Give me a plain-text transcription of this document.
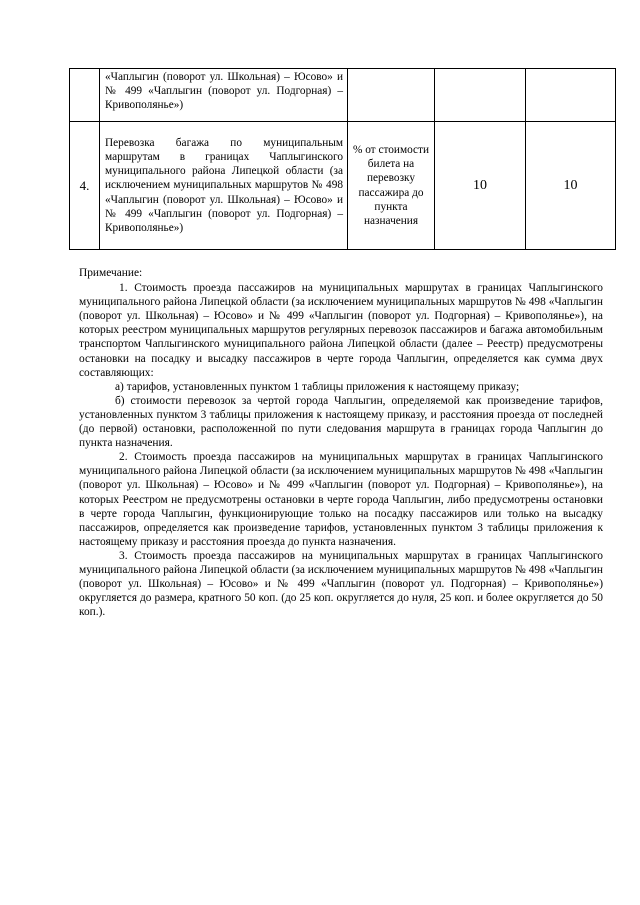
	«Чаплыгин (поворот ул. Школьная) – Юсово» и № 499 «Чаплыгин (поворот ул. Подгорная) – Кривополянье»)			
4.	Перевозка багажа по муниципальным маршрутам в границах Чаплыгинского муниципального района Липецкой области (за исключением муниципальных маршрутов № 498 «Чаплыгин (поворот ул. Школьная) – Юсово» и № 499 «Чаплыгин (поворот ул. Подгорная) – Кривополянье»)	% от стоимости билета на перевозку пассажира до пункта назначения	10	10

Примечание:

1. Стоимость проезда пассажиров на муниципальных маршрутах в границах Чаплыгинского муниципального района Липецкой области (за исключением муниципальных маршрутов № 498 «Чаплыгин (поворот ул. Школьная) – Юсово» и № 499 «Чаплыгин (поворот ул. Подгорная) – Кривополянье»), на которых реестром муниципальных маршрутов регулярных перевозок пассажиров и багажа автомобильным транспортом Чаплыгинского муниципального района Липецкой области (далее – Реестр) предусмотрены остановки на посадку и высадку пассажиров в черте города Чаплыгин, определяется как сумма двух составляющих:

а) тарифов, установленных пунктом 1 таблицы приложения к настоящему приказу;

б) стоимости перевозок за чертой города Чаплыгин, определяемой как произведение тарифов, установленных пунктом 3 таблицы приложения к настоящему приказу, и расстояния проезда от последней (до первой) остановки, расположенной по пути следования маршрута в границах города Чаплыгин до пункта назначения.

2. Стоимость проезда пассажиров на муниципальных маршрутах в границах Чаплыгинского муниципального района Липецкой области (за исключением муниципальных маршрутов № 498 «Чаплыгин (поворот ул. Школьная) – Юсово» и № 499 «Чаплыгин (поворот ул. Подгорная) – Кривополянье»), на которых Реестром не предусмотрены остановки в черте города Чаплыгин, либо предусмотрены остановки в черте города Чаплыгин, функционирующие только на посадку пассажиров или только на высадку пассажиров, определяется как произведение тарифов, установленных пунктом 3 таблицы приложения к настоящему приказу и расстояния проезда до пункта назначения.

3. Стоимость проезда пассажиров на муниципальных маршрутах в границах Чаплыгинского муниципального района Липецкой области (за исключением муниципальных маршрутов № 498 «Чаплыгин (поворот ул. Школьная) – Юсово» и № 499 «Чаплыгин (поворот ул. Подгорная) – Кривополянье») округляется до размера, кратного 50 коп. (до 25 коп. округляется до нуля, 25 коп. и более округляется до 50 коп.).
